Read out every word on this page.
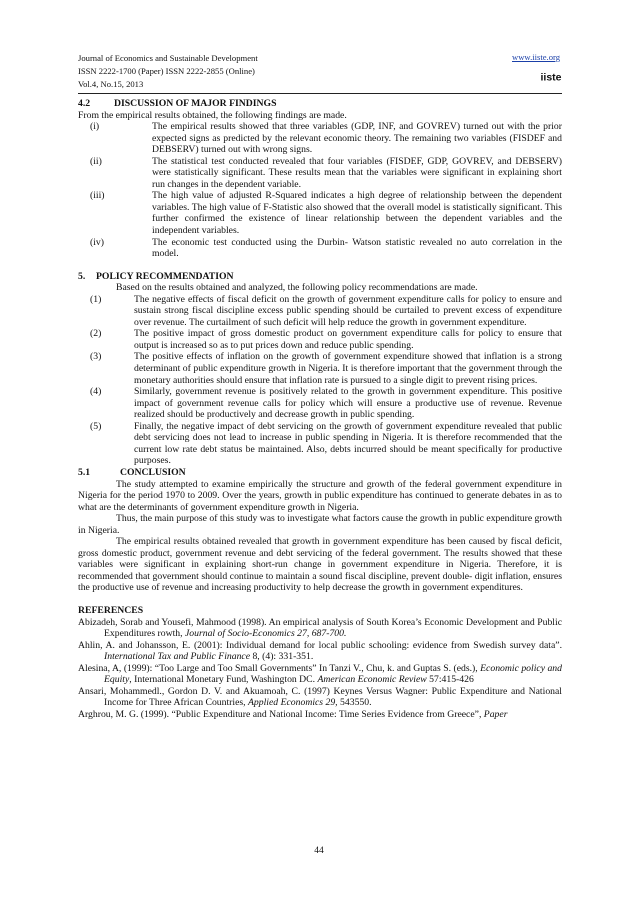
Journal of Economics and Sustainable Development
ISSN 2222-1700 (Paper) ISSN 2222-2855 (Online)
Vol.4, No.15, 2013
www.iiste.org
iiste
4.2 DISCUSSION OF MAJOR FINDINGS

From the empirical results obtained, the following findings are made.

(i)	The empirical results showed that three variables (GDP, INF, and GOVREV) turned out with the prior expected signs as predicted by the relevant economic theory. The remaining two variables (FISDEF and DEBSERV) turned out with wrong signs.
(ii)	The statistical test conducted revealed that four variables (FISDEF, GDP, GOVREV, and DEBSERV) were statistically significant. These results mean that the variables were significant in explaining short run changes in the dependent variable.
(iii)	The high value of adjusted R-Squared indicates a high degree of relationship between the dependent variables. The high value of F-Statistic also showed that the overall model is statistically significant. This further confirmed the existence of linear relationship between the dependent variables and the independent variables.
(iv)	The economic test conducted using the Durbin- Watson statistic revealed no auto correlation in the model.
5. POLICY RECOMMENDATION

Based on the results obtained and analyzed, the following policy recommendations are made.

(1)	The negative effects of fiscal deficit on the growth of government expenditure calls for policy to ensure and sustain strong fiscal discipline excess public spending should be curtailed to prevent excess of expenditure over revenue. The curtailment of such deficit will help reduce the growth in government expenditure.
(2)	The positive impact of gross domestic product on government expenditure calls for policy to ensure that output is increased so as to put prices down and reduce public spending.
(3)	The positive effects of inflation on the growth of government expenditure showed that inflation is a strong determinant of public expenditure growth in Nigeria. It is therefore important that the government through the monetary authorities should ensure that inflation rate is pursued to a single digit to prevent rising prices.
(4)	Similarly, government revenue is positively related to the growth in government expenditure. This positive impact of government revenue calls for policy which will ensure a productive use of revenue. Revenue realized should be productively and decrease growth in public spending.
(5)	Finally, the negative impact of debt servicing on the growth of government expenditure revealed that public debt servicing does not lead to increase in public spending in Nigeria. It is therefore recommended that the current low rate debt status be maintained. Also, debts incurred should be meant specifically for productive purposes.
5.1	CONCLUSION

The study attempted to examine empirically the structure and growth of the federal government expenditure in Nigeria for the period 1970 to 2009. Over the years, growth in public expenditure has continued to generate debates in as to what are the determinants of government expenditure growth in Nigeria.

Thus, the main purpose of this study was to investigate what factors cause the growth in public expenditure growth in Nigeria.

The empirical results obtained revealed that growth in government expenditure has been caused by fiscal deficit, gross domestic product, government revenue and debt servicing of the federal government. The results showed that these variables were significant in explaining short-run change in government expenditure in Nigeria. Therefore, it is recommended that government should continue to maintain a sound fiscal discipline, prevent double- digit inflation, ensures the productive use of revenue and increasing productivity to help decrease the growth in government expenditures.

REFERENCES

Abizadeh, Sorab and Yousefi, Mahmood (1998). An empirical analysis of South Korea’s Economic Development and Public Expenditures rowth, Journal of Socio-Economics 27, 687-700.

Ahlin, A. and Johansson, E. (2001): Individual demand for local public schooling: evidence from Swedish survey data”. International Tax and Public Finance 8, (4): 331-351.

Alesina, A, (1999): “Too Large and Too Small Governments” In Tanzi V., Chu, k. and Guptas S. (eds.), Economic policy and Equity, International Monetary Fund, Washington DC. American Economic Review 57:415-426

Ansari, Mohammedl., Gordon D. V. and Akuamoah, C. (1997) Keynes Versus Wagner: Public Expenditure and National Income for Three African Countries, Applied Economics 29, 543550.

Arghrou, M. G. (1999). “Public Expenditure and National Income: Time Series Evidence from Greece”, Paper

44
